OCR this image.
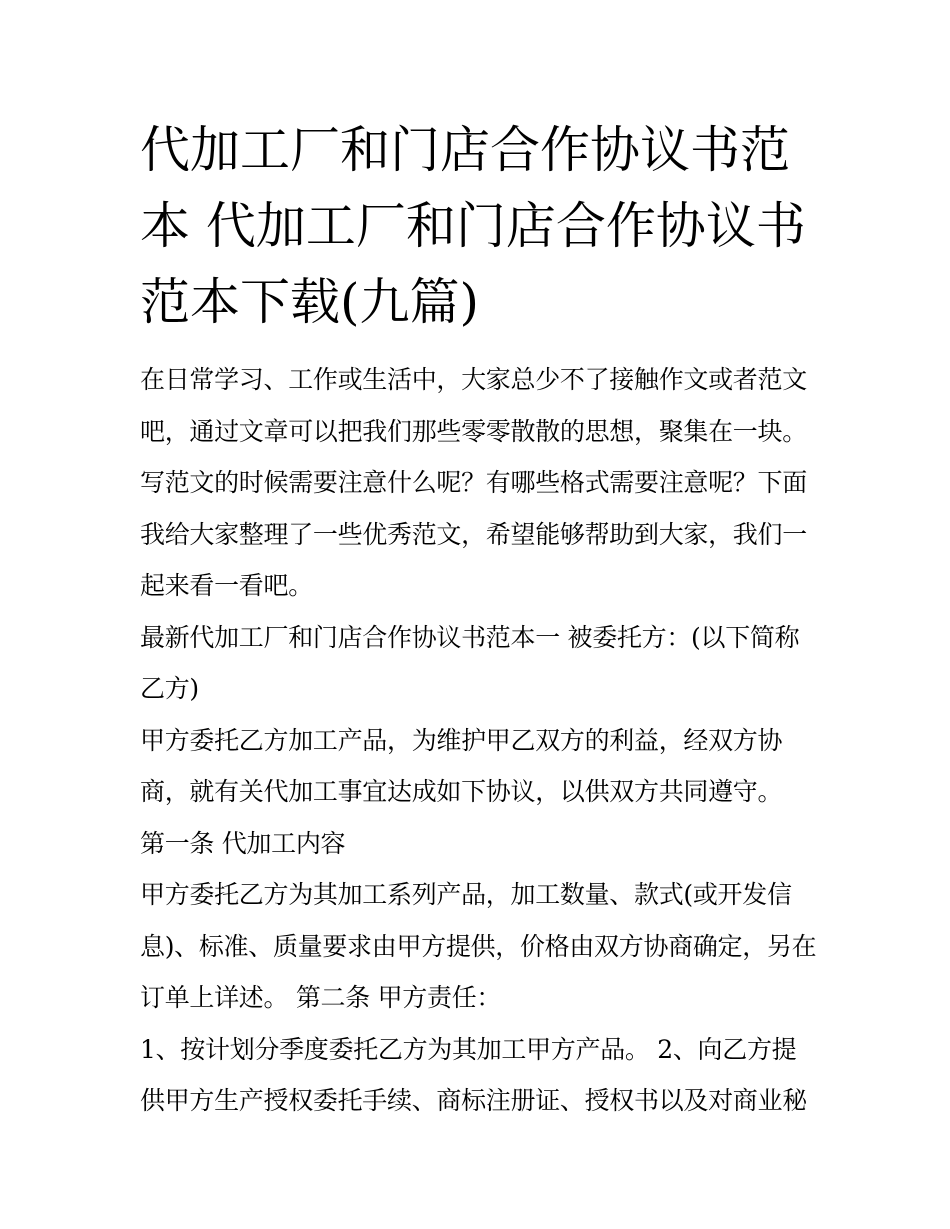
代加工厂和门店合作协议书范本 代加工厂和门店合作协议书范本下载(九篇)

在日常学习、工作或生活中，大家总少不了接触作文或者范文吧，通过文章可以把我们那些零零散散的思想，聚集在一块。写范文的时候需要注意什么呢？有哪些格式需要注意呢？下面我给大家整理了一些优秀范文，希望能够帮助到大家，我们一起来看一看吧。

最新代加工厂和门店合作协议书范本一 被委托方：(以下简称乙方)

甲方委托乙方加工产品，为维护甲乙双方的利益，经双方协商，就有关代加工事宜达成如下协议，以供双方共同遵守。

第一条 代加工内容

甲方委托乙方为其加工系列产品，加工数量、款式(或开发信息)、标准、质量要求由甲方提供，价格由双方协商确定，另在订单上详述。 第二条 甲方责任：

1、按计划分季度委托乙方为其加工甲方产品。 2、向乙方提供甲方生产授权委托手续、商标注册证、授权书以及对商业秘
